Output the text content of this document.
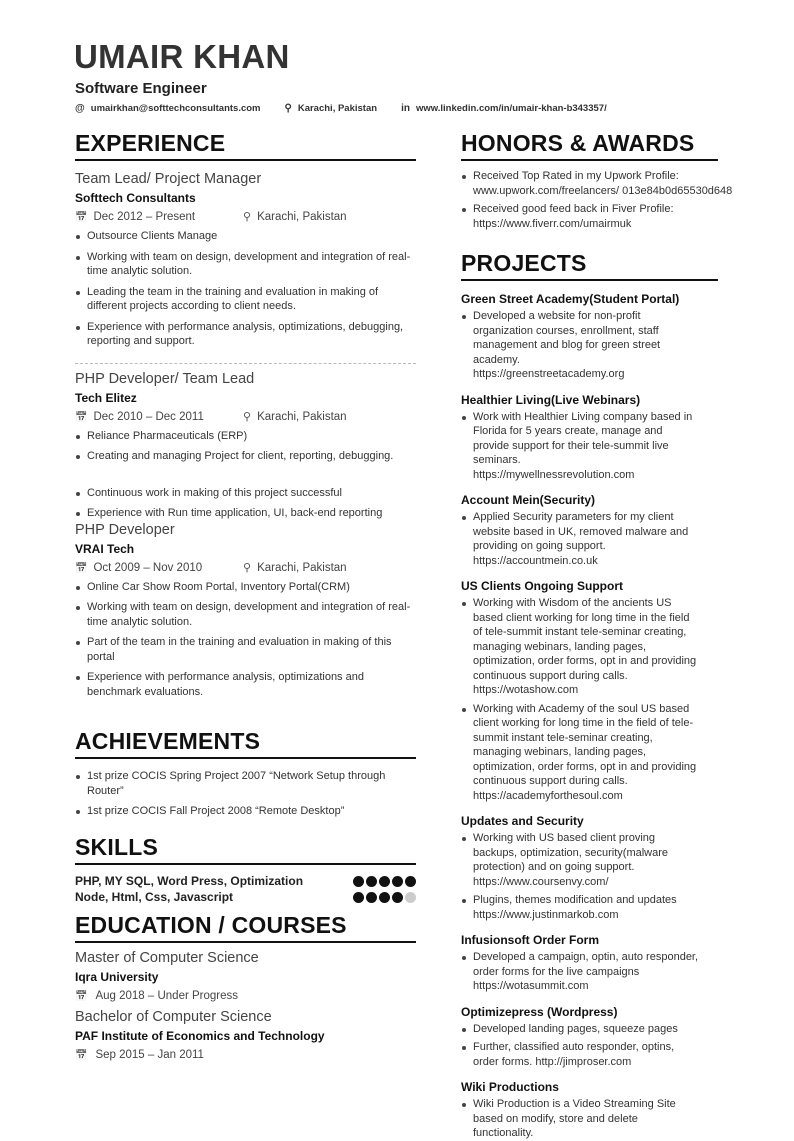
UMAIR KHAN
Software Engineer
@ umairkhan@softtechconsultants.com ⚲ Karachi, Pakistan in www.linkedin.com/in/umair-khan-b343357/
EXPERIENCE
Team Lead/ Project Manager
Softtech Consultants
📅 Dec 2012 – Present	⚲ Karachi, Pakistan
Outsource Clients Manage
Working with team on design, development and integration of real-time analytic solution.
Leading the team in the training and evaluation in making of different projects according to client needs.
Experience with performance analysis, optimizations, debugging, reporting and support.
PHP Developer/ Team Lead
Tech Elitez
📅 Dec 2010 – Dec 2011	⚲ Karachi, Pakistan
Reliance Pharmaceuticals (ERP)
Creating and managing Project for client, reporting, debugging.
Continuous work in making of this project successful
Experience with Run time application, UI, back-end reporting
PHP Developer
VRAI Tech
📅 Oct 2009 – Nov 2010	⚲ Karachi, Pakistan
Online Car Show Room Portal, Inventory Portal(CRM)
Working with team on design, development and integration of real-time analytic solution.
Part of the team in the training and evaluation in making of this portal
Experience with performance analysis, optimizations and benchmark evaluations.
ACHIEVEMENTS
1st prize COCIS Spring Project 2007 “Network Setup through Router”
1st prize COCIS Fall Project 2008 “Remote Desktop”
SKILLS
PHP, MY SQL, Word Press, Optimization
Node, Html, Css, Javascript
EDUCATION / COURSES
Master of Computer Science
Iqra University
📅 Aug 2018 – Under Progress
Bachelor of Computer Science
PAF Institute of Economics and Technology
📅 Sep 2015 – Jan 2011
HONORS & AWARDS
Received Top Rated in my Upwork Profile:
www.upwork.com/freelancers/ 013e84b0d65530d648
Received good feed back in Fiver Profile:
https://www.fiverr.com/umairmuk
PROJECTS
Green Street Academy(Student Portal)
Developed a website for non-profit organization courses, enrollment, staff management and blog for green street academy.
https://greenstreetacademy.org
Healthier Living(Live Webinars)
Work with Healthier Living company based in Florida for 5 years create, manage and provide support for their tele-summit live seminars.
https://mywellnessrevolution.com
Account Mein(Security)
Applied Security parameters for my client website based in UK, removed malware and providing on going support.
https://accountmein.co.uk
US Clients Ongoing Support
Working with Wisdom of the ancients US based client working for long time in the field of tele-summit instant tele-seminar creating, managing webinars, landing pages, optimization, order forms, opt in and providing continuous support during calls.
https://wotashow.com
Working with Academy of the soul US based client working for long time in the field of tele-summit instant tele-seminar creating, managing webinars, landing pages, optimization, order forms, opt in and providing continuous support during calls.
https://academyforthesoul.com
Updates and Security
Working with US based client proving backups, optimization, security(malware protection) and on going support. https://www.coursenvy.com/
Plugins, themes modification and updates
https://www.justinmarkob.com
Infusionsoft Order Form
Developed a campaign, optin, auto responder, order forms for the live campaigns
https://wotasummit.com
Optimizepress (Wordpress)
Developed landing pages, squeeze pages
Further, classified auto responder, optins, order forms. http://jimproser.com
Wiki Productions
Wiki Production is a Video Streaming Site based on modify, store and delete functionality.
